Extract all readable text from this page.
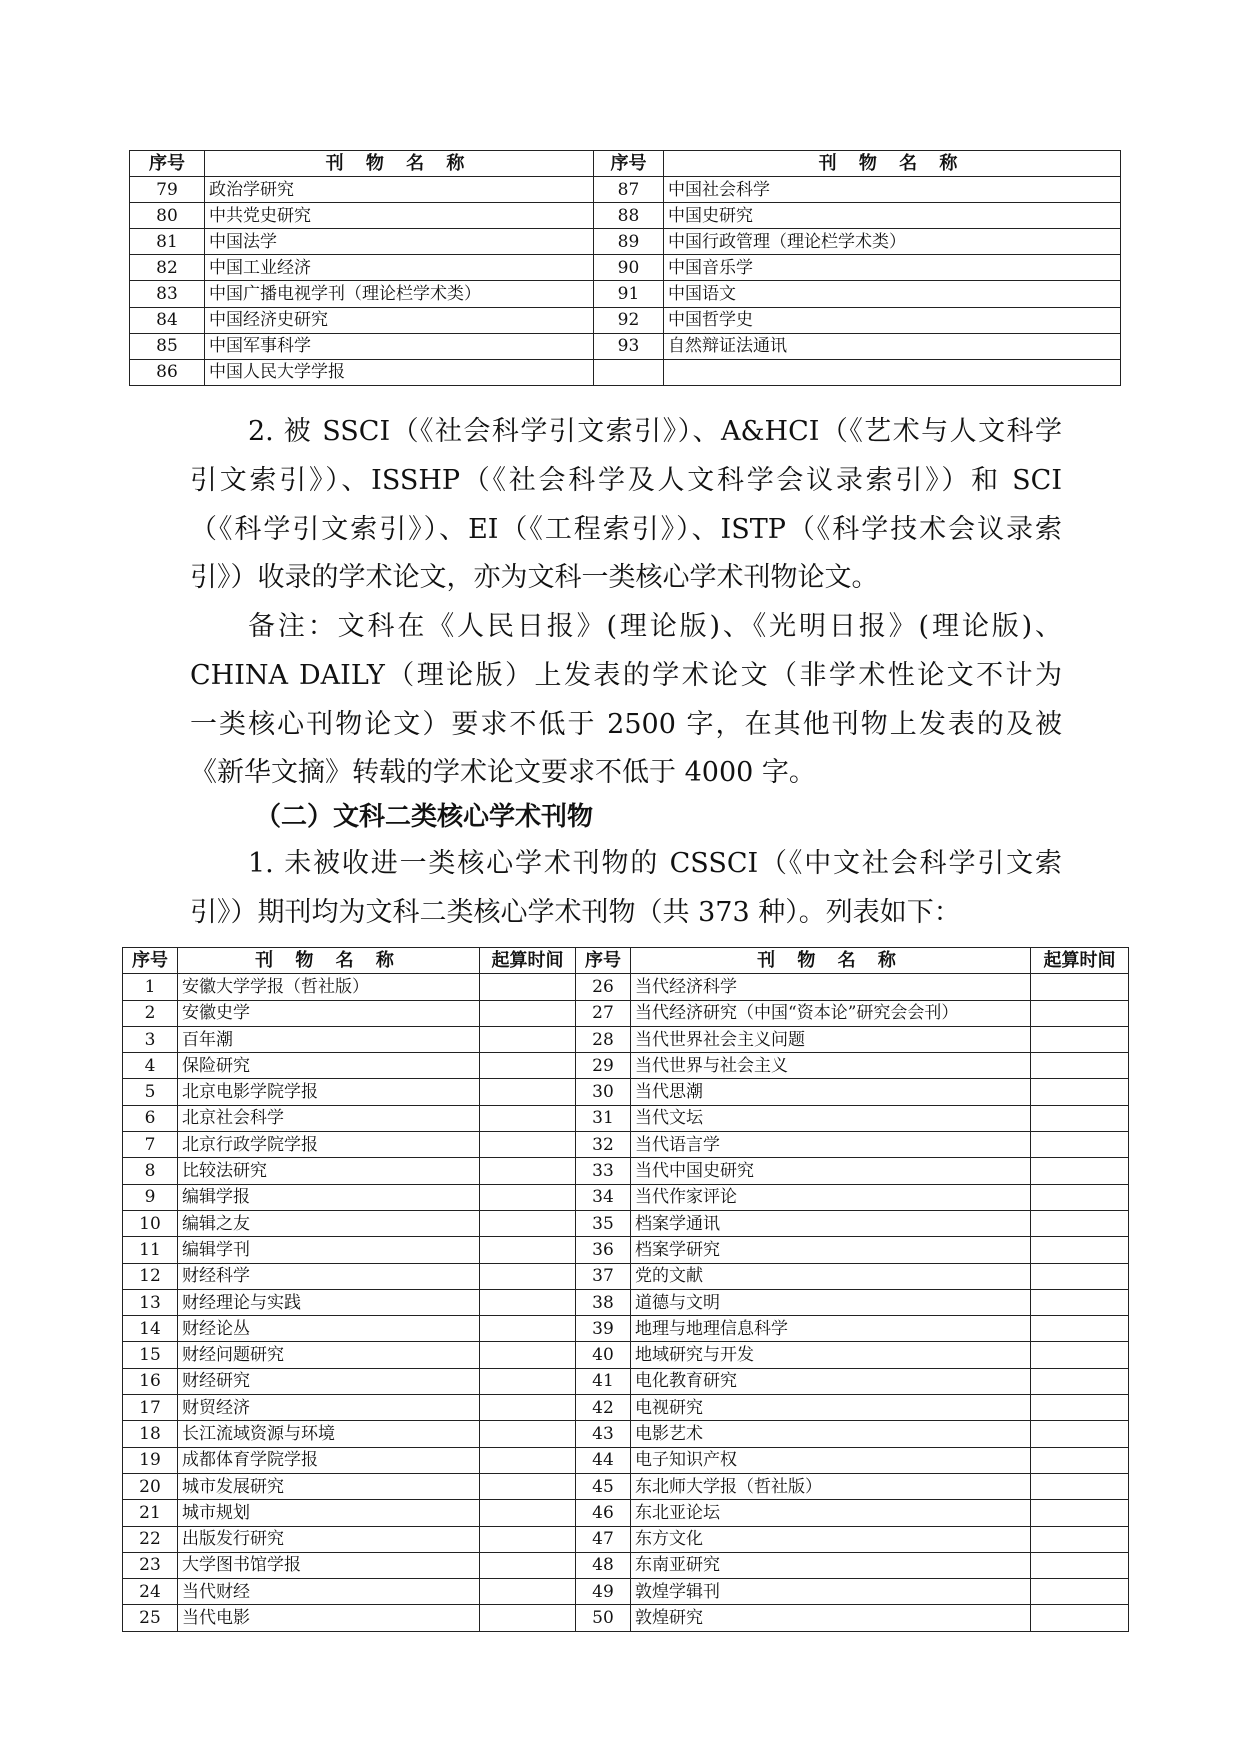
序号	刊 物 名 称	序号	刊 物 名 称
79	政治学研究	87	中国社会科学
80	中共党史研究	88	中国史研究
81	中国法学	89	中国行政管理（理论栏学术类）
82	中国工业经济	90	中国音乐学
83	中国广播电视学刊（理论栏学术类）	91	中国语文
84	中国经济史研究	92	中国哲学史
85	中国军事科学	93	自然辩证法通讯
86	中国人民大学学报		

2. 被 SSCI（《社会科学引文索引》）、A&HCI（《艺术与人文科学

引文索引》）、ISSHP（《社会科学及人文科学会议录索引》）和 SCI

（《科学引文索引》）、EI（《工程索引》）、ISTP（《科学技术会议录索

引》）收录的学术论文，亦为文科一类核心学术刊物论文。

备注：文科在《人民日报》(理论版)、《光明日报》(理论版)、

CHINA DAILY（理论版）上发表的学术论文（非学术性论文不计为

一类核心刊物论文）要求不低于 2500 字，在其他刊物上发表的及被

《新华文摘》转载的学术论文要求不低于 4000 字。

（二）文科二类核心学术刊物

1. 未被收进一类核心学术刊物的 CSSCI（《中文社会科学引文索

引》）期刊均为文科二类核心学术刊物（共 373 种）。列表如下：

序号	刊 物 名 称	起算时间	序号	刊 物 名 称	起算时间
1	安徽大学学报（哲社版）		26	当代经济科学	
2	安徽史学		27	当代经济研究（中国“资本论”研究会会刊）	
3	百年潮		28	当代世界社会主义问题	
4	保险研究		29	当代世界与社会主义	
5	北京电影学院学报		30	当代思潮	
6	北京社会科学		31	当代文坛	
7	北京行政学院学报		32	当代语言学	
8	比较法研究		33	当代中国史研究	
9	编辑学报		34	当代作家评论	
10	编辑之友		35	档案学通讯	
11	编辑学刊		36	档案学研究	
12	财经科学		37	党的文献	
13	财经理论与实践		38	道德与文明	
14	财经论丛		39	地理与地理信息科学	
15	财经问题研究		40	地域研究与开发	
16	财经研究		41	电化教育研究	
17	财贸经济		42	电视研究	
18	长江流域资源与环境		43	电影艺术	
19	成都体育学院学报		44	电子知识产权	
20	城市发展研究		45	东北师大学报（哲社版）	
21	城市规划		46	东北亚论坛	
22	出版发行研究		47	东方文化	
23	大学图书馆学报		48	东南亚研究	
24	当代财经		49	敦煌学辑刊	
25	当代电影		50	敦煌研究	
